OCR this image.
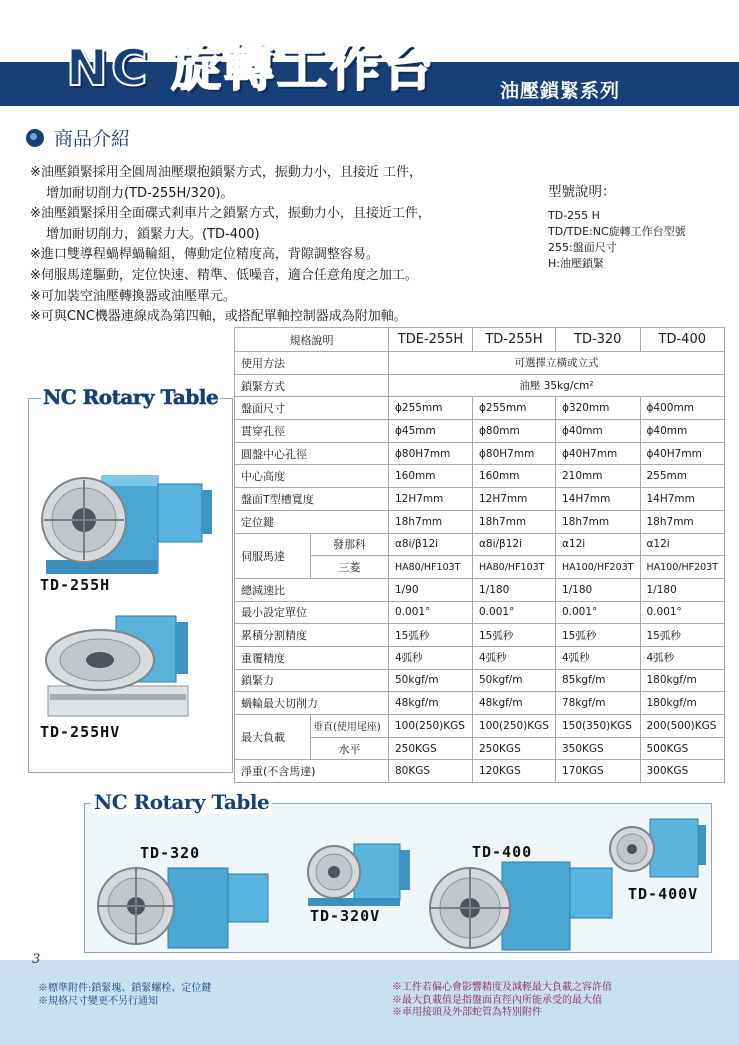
NC 旋轉工作台	油壓鎖緊系列
商品介紹
※油壓鎖緊採用全圓周油壓環抱鎖緊方式，振動力小，且接近 工件，
增加耐切削力(TD-255H/320)。
※油壓鎖緊採用全面碟式剎車片之鎖緊方式，振動力小，且接近工件，
增加耐切削力，鎖緊力大。(TD-400)
※進口雙導程蝸桿蝸輪組，傳動定位精度高，背隙調整容易。
※伺服馬達驅動，定位快速、精準、低噪音，適合任意角度之加工。
※可加裝空油壓轉換器或油壓單元。
※可與CNC機器連線成為第四軸，或搭配單軸控制器成為附加軸。
型號說明：
TD-255 H
TD/TDE:NC旋轉工作台型號
255:盤面尺寸
H:油壓鎖緊
NC Rotary Table
TD-255H
TD-255HV
規格說明		TDE-255H	TD-255H	TD-320	TD-400
使用方法		可選擇立橫或立式			
鎖緊方式		油壓 35kg/cm²			
盤面尺寸		ϕ255mm	ϕ255mm	ϕ320mm	ϕ400mm
貫穿孔徑		ϕ45mm	ϕ80mm	ϕ40mm	ϕ40mm
圓盤中心孔徑		ϕ80H7mm	ϕ80H7mm	ϕ40H7mm	ϕ40H7mm
中心高度		160mm	160mm	210mm	255mm
盤面T型槽寬度		12H7mm	12H7mm	14H7mm	14H7mm
定位鍵		18h7mm	18h7mm	18h7mm	18h7mm
伺服馬達	發那科	α8i/β12i	α8i/β12i	α12i	α12i
	三菱	HA80/HF103T	HA80/HF103T	HA100/HF203T	HA100/HF203T
總減速比		1/90	1/180	1/180	1/180
最小設定單位		0.001°	0.001°	0.001°	0.001°
累積分割精度		15弧秒	15弧秒	15弧秒	15弧秒
重覆精度		4弧秒	4弧秒	4弧秒	4弧秒
鎖緊力		50kgf/m	50kgf/m	85kgf/m	180kgf/m
蝸輪最大切削力		48kgf/m	48kgf/m	78kgf/m	180kgf/m
最大負載	垂直(使用尾座)	100(250)KGS	100(250)KGS	150(350)KGS	200(500)KGS
	水平	250KGS	250KGS	350KGS	500KGS
淨重(不含馬達)		80KGS	120KGS	170KGS	300KGS
NC Rotary Table
TD-320
TD-320V
TD-400
TD-400V
3
※標準附件:鎖緊塊、鎖緊螺栓、定位鍵
※規格尺寸變更不另行通知
※工件若偏心會影響精度及減輕最大負載之容許值
※最大負載值是指盤面直徑內所能承受的最大值
※車用接頭及外部蛇管為特別附件
